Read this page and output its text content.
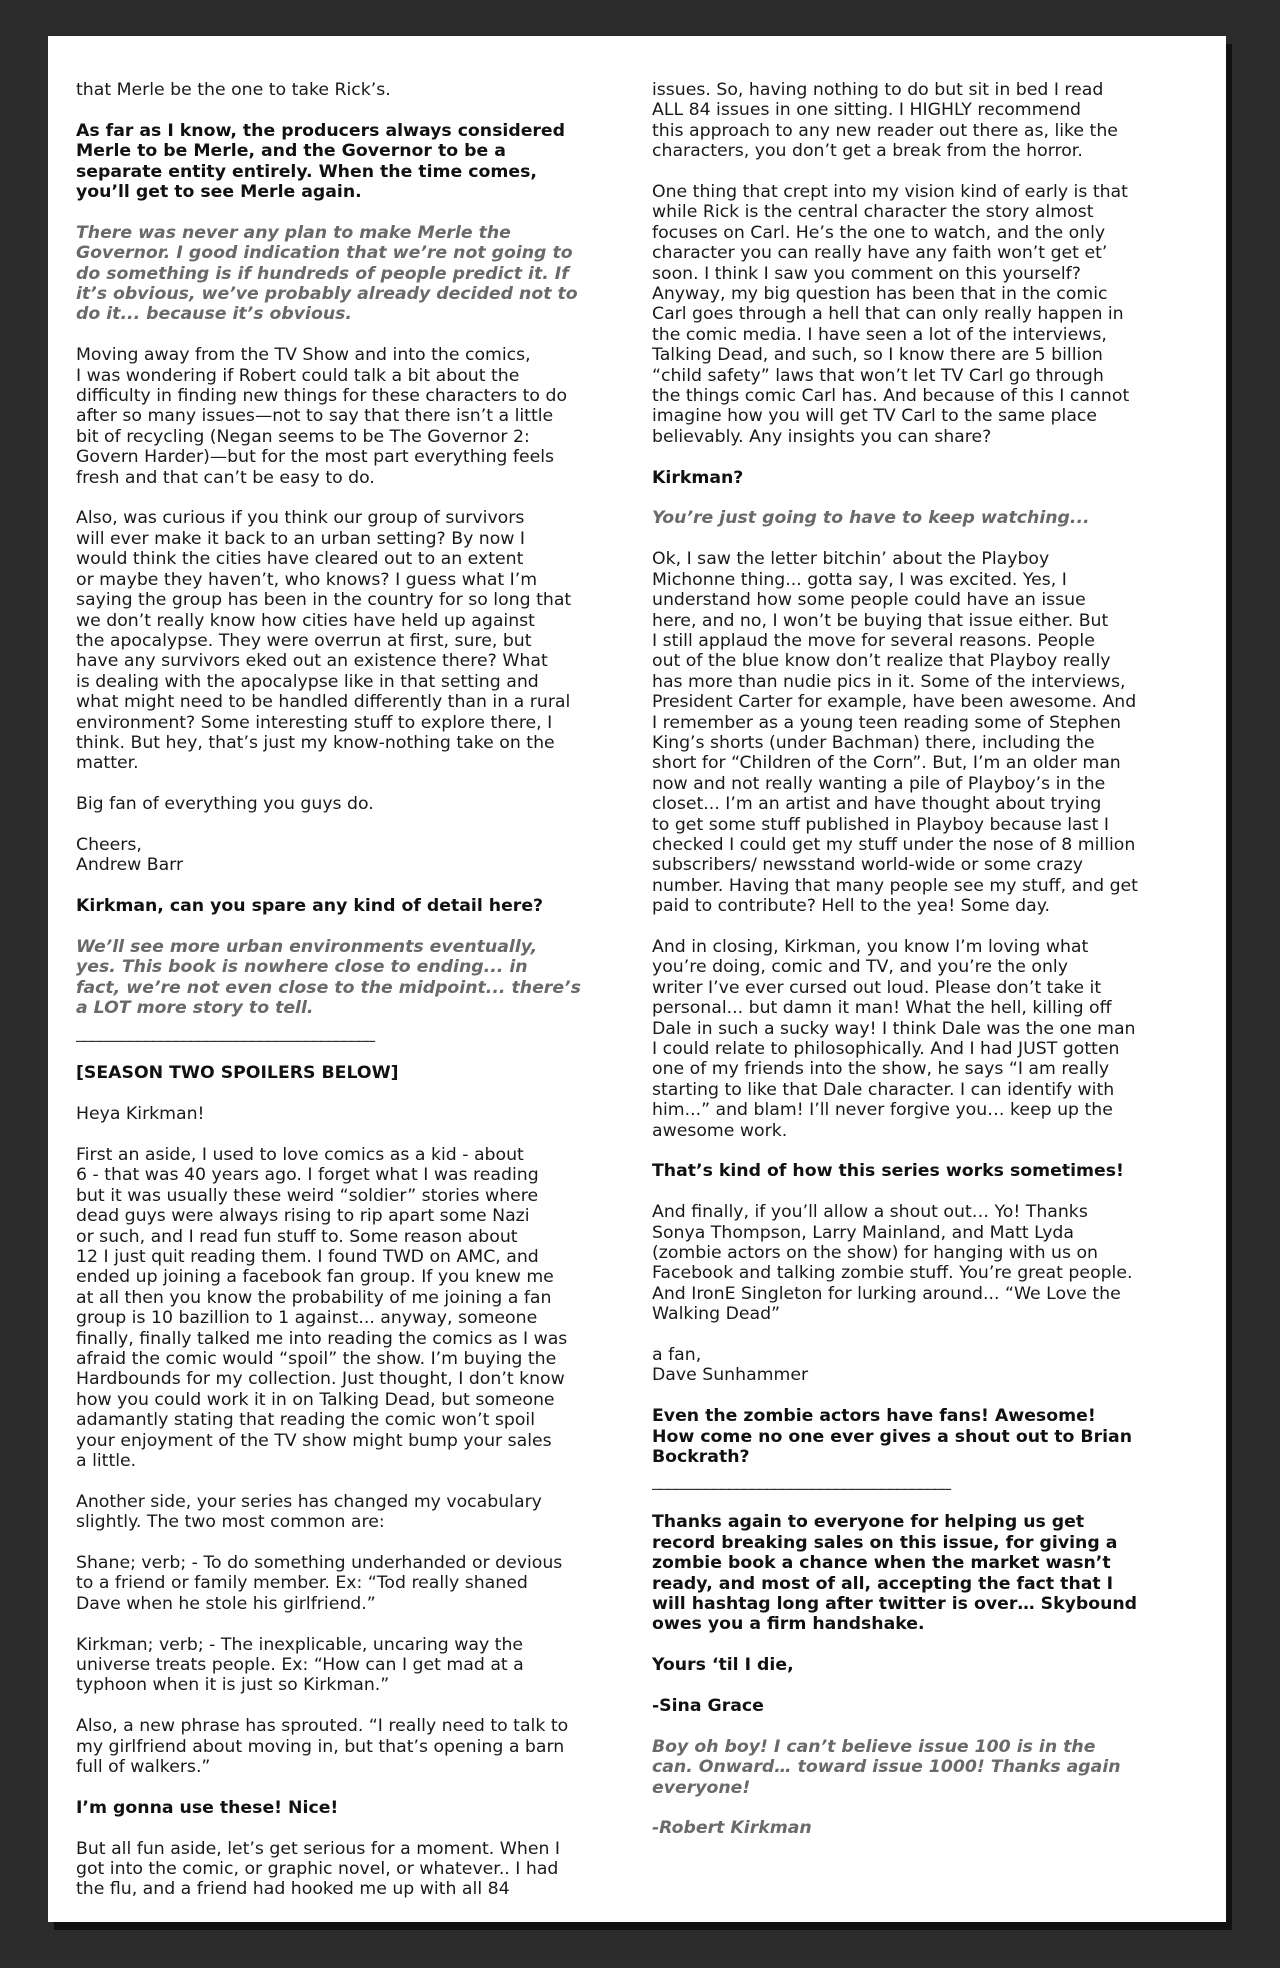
that Merle be the one to take Rick’s.

As far as I know, the producers always considered
Merle to be Merle, and the Governor to be a
separate entity entirely. When the time comes,
you’ll get to see Merle again.

There was never any plan to make Merle the
Governor. I good indication that we’re not going to
do something is if hundreds of people predict it. If
it’s obvious, we’ve probably already decided not to
do it... because it’s obvious.

Moving away from the TV Show and into the comics,
I was wondering if Robert could talk a bit about the
difficulty in finding new things for these characters to do
after so many issues—not to say that there isn’t a little
bit of recycling (Negan seems to be The Governor 2:
Govern Harder)—but for the most part everything feels
fresh and that can’t be easy to do.

Also, was curious if you think our group of survivors
will ever make it back to an urban setting? By now I
would think the cities have cleared out to an extent
or maybe they haven’t, who knows? I guess what I’m
saying the group has been in the country for so long that
we don’t really know how cities have held up against
the apocalypse. They were overrun at first, sure, but
have any survivors eked out an existence there? What
is dealing with the apocalypse like in that setting and
what might need to be handled differently than in a rural
environment? Some interesting stuff to explore there, I
think. But hey, that’s just my know-nothing take on the
matter.

Big fan of everything you guys do.

Cheers,
Andrew Barr

Kirkman, can you spare any kind of detail here?

We’ll see more urban environments eventually,
yes. This book is nowhere close to ending... in
fact, we’re not even close to the midpoint... there’s
a LOT more story to tell.

_______________________________________

[SEASON TWO SPOILERS BELOW]

Heya Kirkman!

First an aside, I used to love comics as a kid - about
6 - that was 40 years ago. I forget what I was reading
but it was usually these weird “soldier” stories where
dead guys were always rising to rip apart some Nazi
or such, and I read fun stuff to. Some reason about
12 I just quit reading them. I found TWD on AMC, and
ended up joining a facebook fan group. If you knew me
at all then you know the probability of me joining a fan
group is 10 bazillion to 1 against... anyway, someone
finally, finally talked me into reading the comics as I was
afraid the comic would “spoil” the show. I’m buying the
Hardbounds for my collection. Just thought, I don’t know
how you could work it in on Talking Dead, but someone
adamantly stating that reading the comic won’t spoil
your enjoyment of the TV show might bump your sales
a little.

Another side, your series has changed my vocabulary
slightly. The two most common are:

Shane; verb; - To do something underhanded or devious
to a friend or family member. Ex: “Tod really shaned
Dave when he stole his girlfriend.”

Kirkman; verb; - The inexplicable, uncaring way the
universe treats people. Ex: “How can I get mad at a
typhoon when it is just so Kirkman.”

Also, a new phrase has sprouted. “I really need to talk to
my girlfriend about moving in, but that’s opening a barn
full of walkers.”

I’m gonna use these! Nice!

But all fun aside, let’s get serious for a moment. When I
got into the comic, or graphic novel, or whatever.. I had
the flu, and a friend had hooked me up with all 84

issues. So, having nothing to do but sit in bed I read
ALL 84 issues in one sitting. I HIGHLY recommend
this approach to any new reader out there as, like the
characters, you don’t get a break from the horror.

One thing that crept into my vision kind of early is that
while Rick is the central character the story almost
focuses on Carl. He’s the one to watch, and the only
character you can really have any faith won’t get et’
soon. I think I saw you comment on this yourself?
Anyway, my big question has been that in the comic
Carl goes through a hell that can only really happen in
the comic media. I have seen a lot of the interviews,
Talking Dead, and such, so I know there are 5 billion
“child safety” laws that won’t let TV Carl go through
the things comic Carl has. And because of this I cannot
imagine how you will get TV Carl to the same place
believably. Any insights you can share?

Kirkman?

You’re just going to have to keep watching...

Ok, I saw the letter bitchin’ about the Playboy
Michonne thing... gotta say, I was excited. Yes, I
understand how some people could have an issue
here, and no, I won’t be buying that issue either. But
I still applaud the move for several reasons. People
out of the blue know don’t realize that Playboy really
has more than nudie pics in it. Some of the interviews,
President Carter for example, have been awesome. And
I remember as a young teen reading some of Stephen
King’s shorts (under Bachman) there, including the
short for “Children of the Corn”. But, I’m an older man
now and not really wanting a pile of Playboy’s in the
closet... I’m an artist and have thought about trying
to get some stuff published in Playboy because last I
checked I could get my stuff under the nose of 8 million
subscribers/ newsstand world-wide or some crazy
number. Having that many people see my stuff, and get
paid to contribute? Hell to the yea! Some day.

And in closing, Kirkman, you know I’m loving what
you’re doing, comic and TV, and you’re the only
writer I’ve ever cursed out loud. Please don’t take it
personal... but damn it man! What the hell, killing off
Dale in such a sucky way! I think Dale was the one man
I could relate to philosophically. And I had JUST gotten
one of my friends into the show, he says “I am really
starting to like that Dale character. I can identify with
him...” and blam! I’ll never forgive you… keep up the
awesome work.

That’s kind of how this series works sometimes!

And finally, if you’ll allow a shout out… Yo! Thanks
Sonya Thompson, Larry Mainland, and Matt Lyda
(zombie actors on the show) for hanging with us on
Facebook and talking zombie stuff. You’re great people.
And IronE Singleton for lurking around... “We Love the
Walking Dead”

a fan,
Dave Sunhammer

Even the zombie actors have fans! Awesome!
How come no one ever gives a shout out to Brian
Bockrath?

_______________________________________

Thanks again to everyone for helping us get
record breaking sales on this issue, for giving a
zombie book a chance when the market wasn’t
ready, and most of all, accepting the fact that I
will hashtag long after twitter is over… Skybound
owes you a firm handshake.

Yours ‘til I die,

-Sina Grace

Boy oh boy! I can’t believe issue 100 is in the
can. Onward… toward issue 1000! Thanks again
everyone!

-Robert Kirkman
